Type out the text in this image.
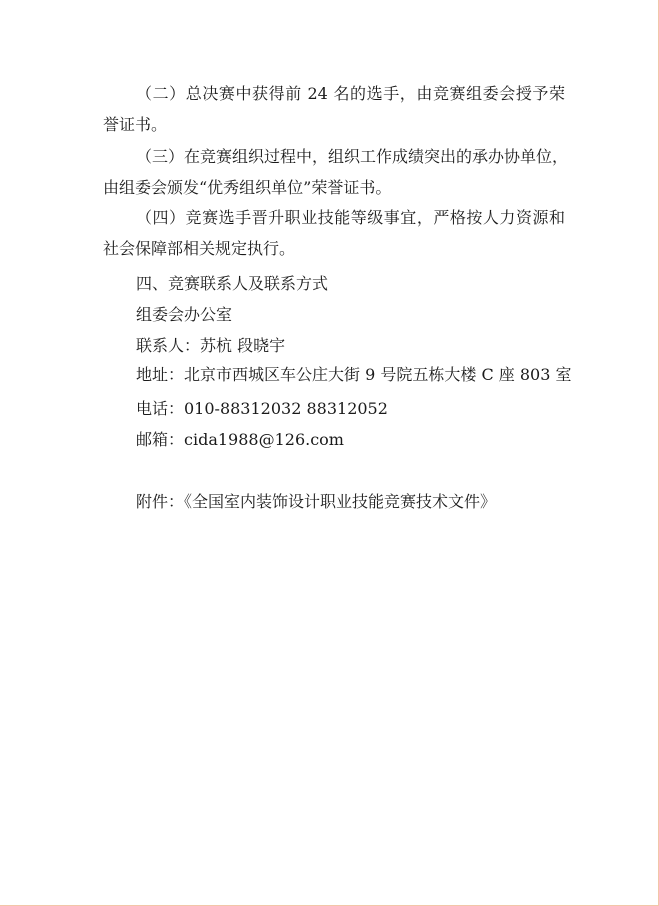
（二）总决赛中获得前 24 名的选手，由竞赛组委会授予荣
誉证书。
（三）在竞赛组织过程中，组织工作成绩突出的承办协单位，
由组委会颁发“优秀组织单位”荣誉证书。
（四）竞赛选手晋升职业技能等级事宜，严格按人力资源和
社会保障部相关规定执行。
四、竞赛联系人及联系方式
组委会办公室
联系人：苏杭 段晓宇
地址：北京市西城区车公庄大街 9 号院五栋大楼 C 座 803 室
电话：010-88312032 88312052
邮箱：cida1988@126.com
附件：《全国室内装饰设计职业技能竞赛技术文件》
